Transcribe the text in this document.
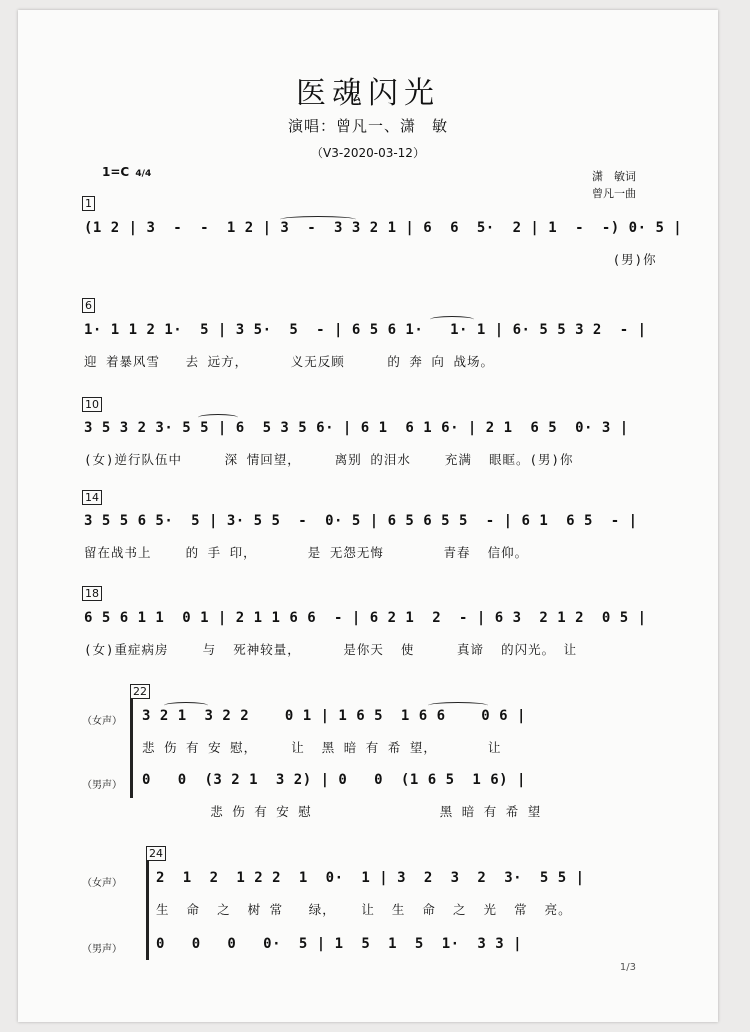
医魂闪光
演唱：曾凡一、潇　敏
（V3-2020-03-12）
1=C 4/4	潇　敏词
曾凡一曲
1
(1 2 | 3  -  -  1 2 | 3  -  3 3 2 1 | 6  6  5·  2 | 1  -  -) 0· 5 |
(男)你
6
1· 1 1 2 1·  5 | 3 5·  5  - | 6 5 6 1·   1· 1 | 6· 5 5 3 2  - |
迎 着暴风雪   去 远方，     义无反顾     的 奔 向 战场。
10
3 5 3 2 3· 5 5 | 6  5 3 5 6· | 6 1  6 1 6· | 2 1  6 5  0· 3 |
(女)逆行队伍中     深 情回望，    离别 的泪水    充满  眼眶。(男)你
14
3 5 5 6 5·  5 | 3· 5 5  -  0· 5 | 6 5 6 5 5  - | 6 1  6 5  - |
留在战书上    的 手 印，      是 无怨无悔       青春  信仰。
18
6 5 6 1 1  0 1 | 2 1 1 6 6  - | 6 2 1  2  - | 6 3  2 1 2  0 5 |
(女)重症病房    与  死神较量，     是你天  使     真谛  的闪光。 让
22
（女声） 3 2 1  3 2 2    0 1 | 1 6 5  1 6 6    0 6 |
悲 伤 有 安 慰，    让  黑 暗 有 希 望，      让
（男声） 0   0  (3 2 1  3 2) | 0   0  (1 6 5  1 6) |
悲 伤 有 安 慰               黑 暗 有 希 望
24
（女声） 2  1  2  1 2 2  1  0·  1 | 3  2  3  2  3·  5 5 |
生  命  之  树 常   绿，   让  生  命  之  光  常  亮。
（男声） 0   0   0   0·  5 | 1  5  1  5  1·  3 3 |
1/3
